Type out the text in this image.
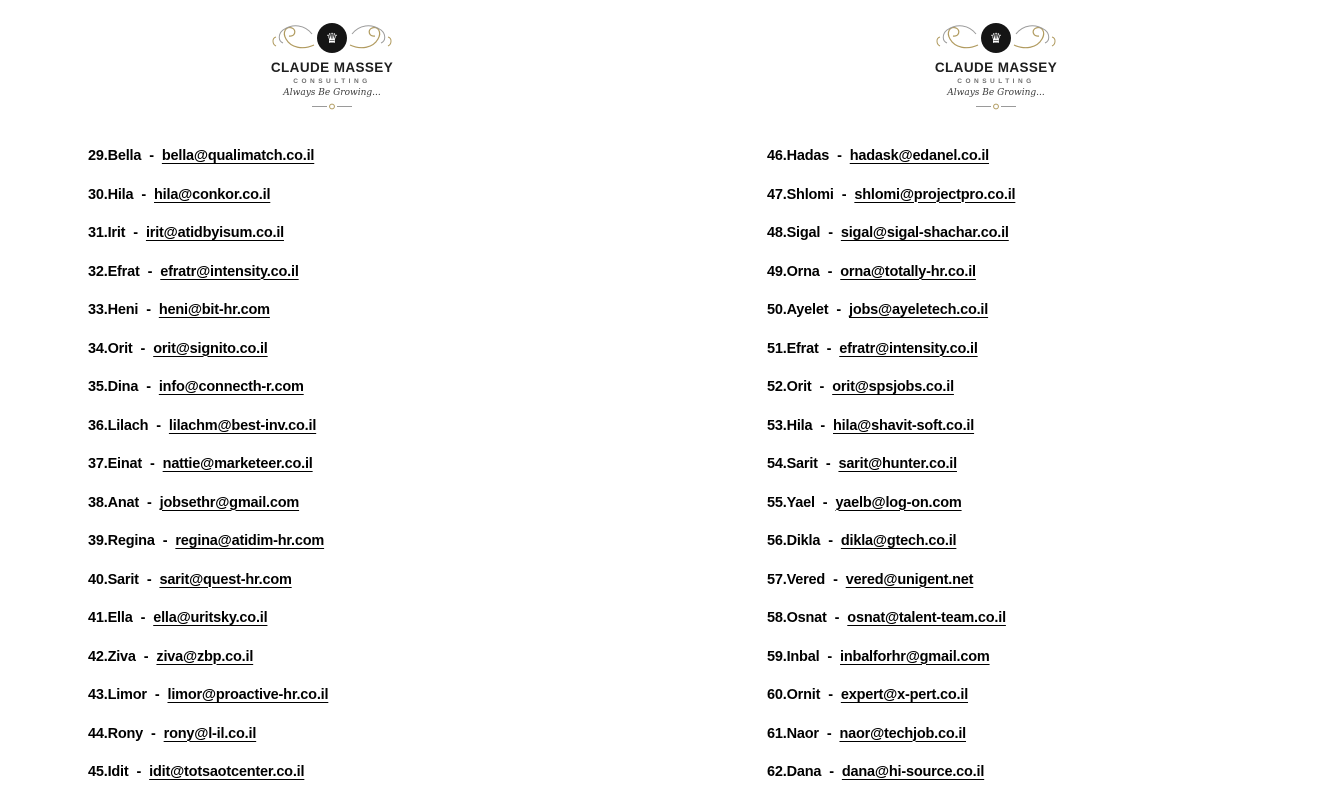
♛
CLAUDE MASSEY
CONSULTING
Always Be Growing...
29. Bella - bella@qualimatch.co.il
30. Hila - hila@conkor.co.il
31. Irit - irit@atidbyisum.co.il
32. Efrat - efratr@intensity.co.il
33. Heni - heni@bit-hr.com
34. Orit - orit@signito.co.il
35. Dina - info@connecth-r.com
36. Lilach - lilachm@best-inv.co.il
37. Einat - nattie@marketeer.co.il
38. Anat - jobsethr@gmail.com
39. Regina - regina@atidim-hr.com
40. Sarit - sarit@quest-hr.com
41. Ella - ella@uritsky.co.il
42. Ziva - ziva@zbp.co.il
43. Limor - limor@proactive-hr.co.il
44. Rony - rony@l-il.co.il
45. Idit - idit@totsaotcenter.co.il
♛
CLAUDE MASSEY
CONSULTING
Always Be Growing...
46. Hadas - hadask@edanel.co.il
47. Shlomi - shlomi@projectpro.co.il
48. Sigal - sigal@sigal-shachar.co.il
49. Orna - orna@totally-hr.co.il
50. Ayelet - jobs@ayeletech.co.il
51. Efrat - efratr@intensity.co.il
52. Orit - orit@spsjobs.co.il
53. Hila - hila@shavit-soft.co.il
54. Sarit - sarit@hunter.co.il
55. Yael - yaelb@log-on.com
56. Dikla - dikla@gtech.co.il
57. Vered - vered@unigent.net
58. Osnat - osnat@talent-team.co.il
59. Inbal - inbalforhr@gmail.com
60. Ornit - expert@x-pert.co.il
61. Naor - naor@techjob.co.il
62. Dana - dana@hi-source.co.il
